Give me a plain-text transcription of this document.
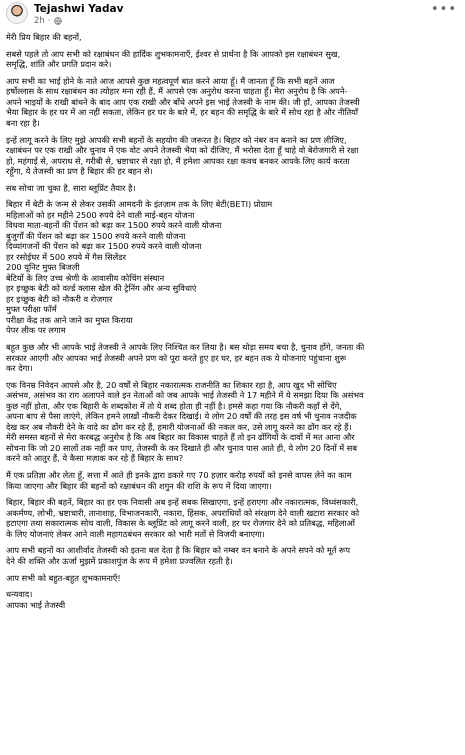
Tejashwi Yadav
2h ·
•••

मेरी प्रिय बिहार की बहनों,

सबसे पहले तो आप सभी को रक्षाबंधन की हार्दिक शुभकामनाएँ, ईश्वर से प्रार्थना है कि आपको इस रक्षाबंधन सुख,
समृद्धि, शांति और प्रगति प्रदान करे।

आप सभी का भाई होने के नाते आज आपसे कुछ महत्वपूर्ण बात करने आया हूँ। मैं जानता हूँ कि सभी बहनें आज
हर्षोल्लास के साथ रक्षाबंधन का त्योहार मना रही हैं, मैं आपसे एक अनुरोध करना चाहता हूँ। मेरा अनुरोध है कि अपने-
अपने भाइयों के राखी बांधने के बाद आप एक राखी और बाँधे अपने इस भाई तेजस्वी के नाम की। जी हाँ, आपका तेजस्वी
भैया बिहार के हर घर में आ नहीं सकता, लेकिन हर घर के बारे में, हर बहन की समृद्धि के बारे में सोच रहा है और नीतियाँ
बना रहा है।

इन्हें लागू करने के लिए मुझे आपकी सभी बहनों के सहयोग की जरूरत है। बिहार को नंबर वन बनाने का प्रण लीजिए,
रक्षाबंधन पर एक राखी और चुनाव में एक वोट अपने तेजस्वी भैया को दीजिए, मैं भरोसा देता हूँ चाहे वो बेरोजगारी से रक्षा
हो, महंगाई से, अपराध से, गरीबी से, भ्रष्टाचार से रक्षा हो, मैं हमेशा आपका रक्षा कवच बनकर आपके लिए कार्य करता
रहूँगा, ये तेजस्वी का प्रण है बिहार की हर बहन से।

सब सोचा जा चुका है, सारा ब्लूप्रिंट तैयार है।

बिहार में बेटी के जन्म से लेकर उसकी आमदनी के इंतज़ाम तक के लिए बेटी(BETI) प्रोग्राम
महिलाओं को हर महीने 2500 रुपये देने वाली माई-बहन योजना
विधवा माता-बहनों की पेंशन को बढ़ा कर 1500 रुपये करने वाली योजना
बुजुर्गों की पेंशन को बढ़ा कर 1500 रुपये करने वाली योजना
दिव्यांगजनों की पेंशन को बढ़ा कर 1500 रुपये करने वाली योजना
हर रसोईघर में 500 रुपये में गैस सिलेंडर
200 यूनिट मुफ्त बिजली
बेटियों के लिए उच्च श्रेणी के आवासीय कोचिंग संस्थान
हर इच्छुक बेटी को वर्ल्ड क्लास खेल की ट्रेनिंग और अन्य सुविधाएं
हर इच्छुक बेटी को नौकरी व रोजगार
मुफ्त परीक्षा फॉर्म
परीक्षा केंद्र तक आने जाने का मुफ्त किराया
पेपर लीक पर लगाम

बहुत कुछ और भी आपके भाई तेजस्वी ने आपके लिए निश्चित कर लिया है। बस थोड़ा समय बचा है, चुनाव होंगे, जनता की
सरकार आएगी और आपका भाई तेजस्वी अपने प्रण को पूरा करते हुए हर घर, हर बहन तक ये योजनाएं पहुंचाना शुरू
कर देगा।

एक विनम्र निवेदन आपसे और है, 20 वर्षों से बिहार नकारात्मक राजनीति का शिकार रहा है, आप खुद भी सोचिए
असंभव, असंभव का राग अलापने वाले इन नेताओं को जब आपके भाई तेजस्वी ने 17 महीने में ये समझा दिया कि असंभव
कुछ नहीं होता, और एक बिहारी के शब्दकोश में तो ये शब्द होता ही नहीं है। हमसे कहा गया कि नौकरी कहाँ से देंगे,
अपना बाप से पैसा लाएंगे, लेकिन हमने लाखों नौकरी देकर दिखाई। ये लोग 20 वर्षों की तरह इस वर्ष भी चुनाव नजदीक
देख कर अब नौकरी देने के वादे का ढोंग कर रहे हैं, हमारी योजनाओं की नकल कर, उसे लागू करने का ढोंग कर रहे हैं।
मेरी समस्त बहनों से मेरा करबद्ध अनुरोध है कि अब बिहार का विकास चाहते हैं तो इन ढोंगियों के दावों में मत आना और
सोचना कि जो 20 सालों तक नहीं कर पाए, तेजस्वी के कर दिखाते ही और चुनाव पास आते ही, ये लोग 20 दिनों में सब
करने को आतुर हैं, ये कैसा मज़ाक कर रहे हैं बिहार के साथ?

मैं एक प्रतिज्ञा और लेता हूँ, सत्ता में आते ही इनके द्वारा डकारे गए 70 हज़ार करोड़ रुपयों को इनसे वापस लेने का काम
किया जाएगा और बिहार की बहनों को रक्षाबंधन की शगुन की राशि के रूप में दिया जाएगा।

बिहार, बिहार की बहनें, बिहार का हर एक निवासी अब इन्हें सबक सिखाएगा, इन्हें हराएगा और नकारात्मक, विध्वंसकारी,
अकर्मण्य, लोभी, भ्रष्टाचारी, तानाशाह, विभाजनकारी, नकारा, हिंसक, अपराधियों को संरक्षण देने वाली खटारा सरकार को
हटाएगा तथा सकारात्मक सोच वाली, विकास के ब्लूप्रिंट को लागू करने वाली, हर घर रोजगार देने को प्रतिबद्ध, महिलाओं
के लिए योजनाएं लेकर आने वाली महागठबंधन सरकार को भारी मतों से विजयी बनाएगा।

आप सभी बहनों का आशीर्वाद तेजस्वी को इतना बल देता है कि बिहार को नम्बर वन बनाने के अपने सपने को मूर्त रूप
देने की शक्ति और ऊर्जा मुझमें प्रकाशपुंज के रूप में हमेशा प्रज्वलित रहती है।

आप सभी को बहुत-बहुत शुभकामनाएँ!

धन्यवाद।
आपका भाई तेजस्वी
